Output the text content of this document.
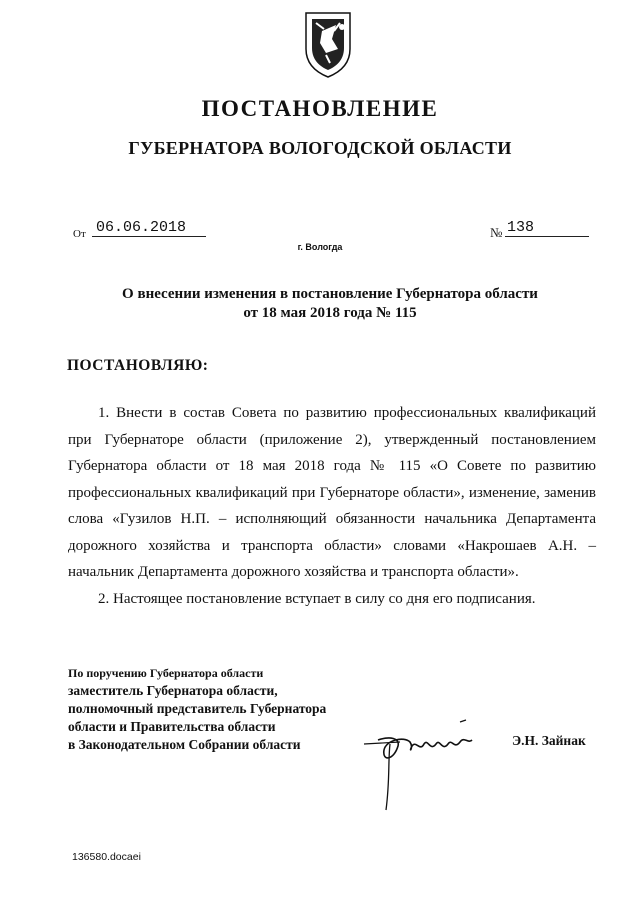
ПОСТАНОВЛЕНИЕ
ГУБЕРНАТОРА ВОЛОГОДСКОЙ ОБЛАСТИ
От 06.06.2018	№ 138
г. Вологда
О внесении изменения в постановление Губернатора области
от 18 мая 2018 года № 115
ПОСТАНОВЛЯЮ:

1. Внести в состав Совета по развитию профессиональных квалификаций при Губернаторе области (приложение 2), утвержденный постановлением Губернатора области от 18 мая 2018 года № 115 «О Совете по развитию профессиональных квалификаций при Губернаторе области», изменение, заменив слова «Гузилов Н.П. – исполняющий обязанности начальника Департамента дорожного хозяйства и транспорта области» словами «Накрошаев А.Н. – начальник Департамента дорожного хозяйства и транспорта области».

2. Настоящее постановление вступает в силу со дня его подписания.

По поручению Губернатора области
заместитель Губернатора области,
полномочный представитель Губернатора
области и Правительства области
в Законодательном Собрании области	Э.Н. Зайнак
136580.docaei
